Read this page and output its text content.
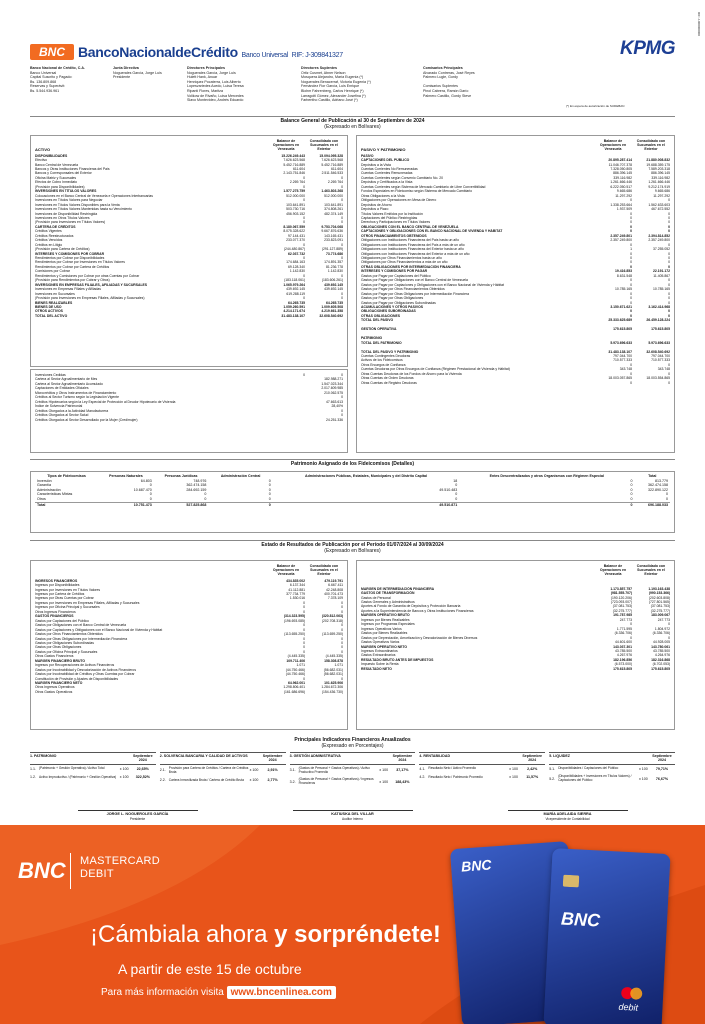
BNC BancoNacionaldeCrédito Banco Universal RIF: J-309841327	KPMG
RIF: J-000000000
Banco Nacional de Crédito, C.A.
Banco Universal
Capital Suscrito y Pagado:
Bs. 136.809.868
Reservas y Superávit:
Bs. 5.544.936.961
Junta Directiva
Noguerales García, Jorge Luis
Presidente
Directores Principales
Noguerales García, Jorge Luis
Hulett Hank, Anuar
Henriquez Pocaterra, Luis Alberto
Lopesvariedes Acedo, Luisa Teresa
Ripanti Flores, Maritza
Volikow de Rivaño, Luisa Mercedes
Slavo Montevideo, Andrés Eduardo
Directores Suplentes
Ortiz Cusmet, Abner Nelson
Mosquera Alejandro, María Eugenia (*)
Noguerales Benacerraf, Victoria Eugenia (*)
Fernández Fior García, Luis Enrique
Blohm Fahrenberg, Carlos Henrique (*)
Larragoiti Gómez, Alexander Josefina (*)
Farbentho Castillo, Adriano José (*)
Comisarios Principales
Alvarado Contreras, José Reyes
Palmero Lugle, Gordy

Comisarios Suplentes
Pinol Cabrera, Ramón Darío
Palmero Castillo, Gordy Steve
(*) En espera de autorización de SUDEBAN
Balance General de Publicación al 30 de Septiembre de 2024
(Expresado en Bolívares)
ACTIVO
Balance de Operaciones en Venezuela
Consolidado con Sucursales en el Exterior
DISPONIBILIDADES	15.226.249.443	15.094.095.328
Efectivo	7.626.623.568	7.626.623.568
Banco Central de Venezuela	5.452.716.889	5.452.716.889
Bancos y Otras Instituciones Financieras del País	611.604	611.604
Bancos y Corresponsales del Exterior	2.143.751.846	2.511.546.533
Oficina Matriz y Sucursales	0	0
Efectos de Cobro Inmediato	2.269.764	2.269.764
(Provisión para Disponibilidades)	0	0
INVERSIONES EN TÍTULOS VALORES	1.577.275.759	1.463.803.268
Colocaciones en el Banco Central de Venezuela e Operaciones Interbancarias	512.000.000	512.000.000
Inversiones en Títulos Valores para Negociar	0	0
Inversiones en Títulos Valores Disponibles para la Venta	103.641.891	103.641.891
Inversiones en Títulos Valores Mantenidas hasta su Vencimiento	503.730.716	374.808.261
Inversiones de Disponibilidad Restringida	456.903.152	482.374.149
Inversiones en Otros Títulos Valores	0	0
(Provisión para Inversiones en Títulos Valores)	0	0
CARTERA DE CRÉDITOS	8.180.067.559	9.753.704.068
Créditos Vigentes	8.075.328.622	9.667.876.636
Créditos Reestructurados	97.144.431	143.165.431
Créditos Vencidos	233.077.370	233.823.091
Créditos en Litigio	0	0
(Provisión para Cartera de Créditos)	(244.480.867)	(291.127.889)
INTERESES Y COMISIONES POR COBRAR	62.037.732	73.774.686
Rendimientos por Cobrar por Disponibilidades	0	0
Rendimientos por Cobrar por Inversiones en Títulos Valores	174.684.163	174.891.357
Rendimientos por Cobrar por Cartera de Créditos	69.128.340	81.236.778
Comisiones por Cobrar	1.142.830	1.142.830
Rendimientos y Comisiones por Cobrar por otras Cuentas por Cobrar	0	0
(Provisión para Rendimientos por Cobrar y Otros)	(183.118.061)	(183.606.261)
INVERSIONES EN EMPRESAS FILIALES, AFILIADAS Y SUCURSALES	1.065.979.264	439.692.145
Inversiones en Empresas Filiales y Afiliadas	439.692.145	439.692.145
Inversiones en Sucursales	619.288.119	0
(Provisión para Inversiones en Empresas Filiales, Afiliadas y Sucursales)	0	0
BIENES REALIZABLES	64.265.735	64.265.735
BIENES DE USO	1.059.260.591	1.009.605.508
OTROS ACTIVOS	4.214.171.674	4.219.661.358
TOTAL DEL ACTIVO	31.483.138.107	32.608.540.692
Inversiones Cedidas	0	0
Cartera al Sector Agroalimentario de Mes	182.988.271
Cartera al Sector Agroalimentario Acumulado	1.547.023.344
Captaciones de Entidades Oficiales	2.017.609.985
Microcréditos y Otros Instrumentos de Financiamiento	210.062.575
Créditos al Sector Turismo según la Legislación Vigente	0
Créditos Hipotecarios según la Ley Especial de Protección al Deudor Hipotecario de Vivienda	47.663.613
Índice de Solvencia Patrimonial	28,40%
Créditos Otorgados a la Actividad Manufacturera	0
Créditos Otorgados al Sector Salud	0
Créditos Otorgados al Sector Desarrollado por la Mujer (Credimujer)	24.251.336
PASIVO Y PATRIMONIO
Balance de Operaciones en Venezuela
Consolidado con Sucursales en el Exterior
PASIVO
CAPTACIONES DEL PÚBLICO	20.895.287.414	21.880.008.832
Depósitos a la Vista	11.046.707.378	19.688.359.175
Cuentas Corrientes No Remuneradas	7.328.050.805	7.589.203.318
Cuentas Corrientes Remuneradas	886.396.145	886.396.145
Cuentas Corrientes según Convenio Cambiario No. 20	339.116.982	339.116.982
Depósitos y Certificados a la Vista	1.261.666.446	1.261.666.446
Cuentas Corrientes según Sistema de Mercado Cambiario de Libre Convertibilidad	6.222.050.517	9.212.174.919
Fondos Especiales en Fideicomiso según Sistema de Mercado Cambiario	9.665.686	9.665.686
Otras Obligaciones a la Vista	11.297.292	11.297.292
Obligaciones por Operaciones en Mesa de Dinero	0	0
Depósitos de Ahorro	1.338.253.664	1.562.633.603
Depósitos a Plazo	1.937.509	467.672.552
Títulos Valores Emitidos por la Institución	0	0
Captaciones del Público Restringidas	0	0
Derechos y Participaciones en Títulos Valores	0	0
OBLIGACIONES CON EL BANCO CENTRAL DE VENEZUELA	0	0
CAPTACIONES Y OBLIGACIONES CON EL BANCO NACIONAL DE VIVIENDA Y HÁBITAT	0	0
OTROS FINANCIAMIENTOS OBTENIDOS	2.357.249.801	2.394.814.852
Obligaciones con Instituciones Financieras del País hasta un año	2.357.249.800	2.357.249.800
Obligaciones con Instituciones Financieras del País a más de un año	0	0
Obligaciones con Instituciones Financieras del Exterior hasta un año	1	37.255.052
Obligaciones con Instituciones Financieras del Exterior a más de un año	0	0
Obligaciones por Otros Financiamientos hasta un año	0	0
Obligaciones por Otros Financiamientos a más de un año	0	0
OTRAS OBLIGACIONES POR INTERMEDIACIÓN FINANCIERA	0	0
INTERESES Y COMISIONES POR PAGAR	19.416.853	22.191.172
Gastos por Pagar por Captaciones del Público	8.631.548	11.405.867
Gastos por Pagar por Obligaciones con el Banco Central de Venezuela	0	0
Gastos por Pagar por Captaciones y Obligaciones con el Banco Nacional de Vivienda y Hábitat	0	0
Gastos por Pagar por Otros Financiamientos Obtenidos	10.785.165	10.785.165
Gastos por Pagar por Otras Obligaciones por Intermediación Financiera	0	0
Gastos por Pagar por Otras Obligaciones	0	0
Gastos por Pagar por Obligaciones Subordinadas	0	0
ACUMULACIONES Y OTROS PASIVOS	3.150.671.621	3.162.414.968
OBLIGACIONES SUBORDINADAS	0	0
OTRAS OBLIGACIONES	0	0
TOTAL DEL PASIVO	25.333.625.689	26.459.128.224

GESTIÓN OPERATIVA	175.615.805	175.615.805

PATRIMONIO
TOTAL DEL PATRIMONIO	5.973.696.633	5.973.696.633

TOTAL DEL PASIVO Y PATRIMONIO	31.483.138.107	32.608.540.692
Cuentas Contingentes Deudoras	797.044.700	797.044.700
Activos de los Fideicomisos	710.577.333	710.577.333
Otros Encargos de Confianza	0	0
Cuentas Deudoras por Otros Encargos de Confianza (Régimen Prestacional de Vivienda y Hábitat)	343.748	343.748
Otras Cuentas Deudoras de los Fondos de Ahorro para la Vivienda	0	0
Otras Cuentas de Orden Deudoras	18.003.057.865	18.003.554.865
Otras Cuentas de Registro Deudoras	0	0
Patrimonio Asignado de los Fideicomisos (Detalles)
Tipos de Fideicomisos	Personas Naturales	Personas Jurídicas	Administración Central	Administraciones Públicas, Estatales, Municipales y del Distrito Capital	Entes Descentralizados y otros Organismos con Régimen Especial	Total
Inversión	64.803	748.976	0	18	0	813.779
Garantía	0	362.474.158	0	0	0	362.474.158
Administración	10.687.470	284.692.159	0	49.510.483	0	322.890.122
Características Mixtas	0	0	0	0	0	0
Otros	0	0	0	0	0	0
Total	10.751.473	527.825.868	0	49.510.871	0	696.188.033
Estado de Resultados de Publicación por el Período 01/07/2024 al 30/09/2024
(Expresado en Bolívares)
Balance de Operaciones en Venezuela
Consolidado con Sucursales en el Exterior
INGRESOS FINANCIEROS	434.835.002	479.119.791
Ingresos por Disponibilidades	6.137.344	6.667.411
Ingresos por Inversiones en Títulos Valores	41.112.881	42.248.808
Ingresos por Cartera de Créditos	377.734.779	400.701.473
Ingresos por Otras Cuentas por Cobrar	1.530.016	7.378.109
Ingresos por Inversiones en Empresas Filiales, Afiliadas y Sucursales	0	0
Ingresos por Oficina Principal y Sucursales	0	0
Otros Ingresos Financieros	0	0
GASTOS FINANCIEROS	(314.323.595)	(320.812.063)
Gastos por Captaciones del Público	(196.693.085)	(202.708.318)
Gastos por Obligaciones con el Banco Central de Venezuela	0	0
Gastos por Captaciones y Obligaciones con el Banco Nacional de Vivienda y Hábitat	0	0
Gastos por Otros Financiamientos Obtenidos	(113.655.250)	(113.659.250)
Gastos por Otras Obligaciones por Intermediación Financiera	0	0
Gastos por Obligaciones Subordinadas	0	0
Gastos por Otras Obligaciones	0	0
Gastos por Oficina Principal y Sucursales	0	0
Otros Gastos Financieros	(4.445.335)	(4.445.335)
MARGEN FINANCIERO BRUTO	109.711.406	158.308.878
Ingresos por Recuperaciones de Activos Financieros	1.071	1.071
Gastos por Incobrabilidad y Desvalorización de Activos Financieros	(44.750.466)	(56.682.031)
Gastos por Incobrabilidad de Créditos y Otras Cuentas por Cobrar	(44.750.466)	(56.682.031)
Constitución de Provisión y Ajustes de Disponibilidades	0	0
MARGEN FINANCIERO NETO	64.962.001	101.625.906
Otros Ingresos Operativos	1.298.806.401	1.284.672.306
Otros Gastos Operativos	(161.686.696)	(154.436.730)
Balance de Operaciones en Venezuela
Consolidado con Sucursales en el Exterior
MARGEN DE INTERMEDIACIÓN FINANCIERA	1.173.857.757	1.193.163.438
GASTOS DE TRANSFORMACIÓN	(981.555.707)	(990.153.366)
Gastos de Personal	(190.120.206)	(202.603.808)
Gastos Generales y Administrativos	(723.093.007)	(727.801.565)
Aportes al Fondo de Garantía de Depósitos y Protección Bancaria	(37.081.753)	(37.081.753)
Aportes a la Superintendencia de Bancos y Otras Instituciones Financieras	(32.275.777)	(32.275.777)
MARGEN OPERATIVO BRUTO	191.787.985	183.009.067
Ingresos por Bienes Realizables	247.773	247.773
Ingresos por Programas Especiales	0	0
Ingresos Operativos Varios	1.771.595	1.804.972
Gastos por Bienes Realizables	(6.336.706)	(6.336.706)
Gastos por Depreciación, Amortización y Desvalorización de Bienes Diversos	0	0
Gastos Operativos Varios	44.601.600	44.928.005
MARGEN OPERATIVO NETO	143.037.301	143.780.061
Ingresos Extraordinarios	43.785.500	43.785.500
Gastos Extraordinarios	4.267.976	4.264.976
RESULTADO BRUTO ANTES DE IMPUESTOS	182.196.856	182.316.868
Impuesto Sobre la Renta	(6.573.000)	(6.702.053)
RESULTADO NETO	175.615.805	175.615.805
Principales Indicadores Financieros Anualizados
(Expresado en Porcentajes)
1. PATRIMONIO	Septiembre 2024
1.1. (Patrimonio + Gestión Operativa) / Activo Total	x 100	22,65%
1.2. Activo Improductivo / (Patrimonio + Gestión Operativa)	x 100	322,52%
2. SOLVENCIA BANCARIA Y CALIDAD DE ACTIVOS	Septiembre 2024
2.1.
Provisión para Cartera de Créditos / Cartera de Créditos Bruta	x 100	2,91%
2.2. Cartera Inmovilizada Bruta / Cartera de Crédito Bruta	x 100	2,77%
3. GESTIÓN ADMINISTRATIVA	Septiembre 2024
3.1.
(Gastos de Personal + Gastos Operativos) / Activo Productivo Promedio	x 100	37,17%
3.2.
(Gastos de Personal + Gastos Operativos) / Ingresos Financieros	x 100	188,43%
4. RENTABILIDAD	Septiembre 2024
4.1. Resultado Neto / Activo Promedio	x 100	2,42%
4.2. Resultado Neto / Patrimonio Promedio	x 100	11,57%
5. LIQUIDEZ	Septiembre 2024
5.1. Disponibilidades / Captaciones del Público	x 100	79,71%
5.2.
(Disponibilidades + Inversiones en Títulos Valores) / Captaciones del Público	x 100	76,67%
JORGE L. NOGUEROLES GARCÍA
Presidente
KATIUSKA DEL VILLAR
Auditor Interno
MARÍA ADELAIDA SIERRA
Vicepresidente de Contabilidad
BNC MASTERCARD
DEBIT
¡Cámbiala ahora y sorpréndete!
A partir de este 15 de octubre
Para más información visita www.bncenlinea.com
BNC
BNC
debit
